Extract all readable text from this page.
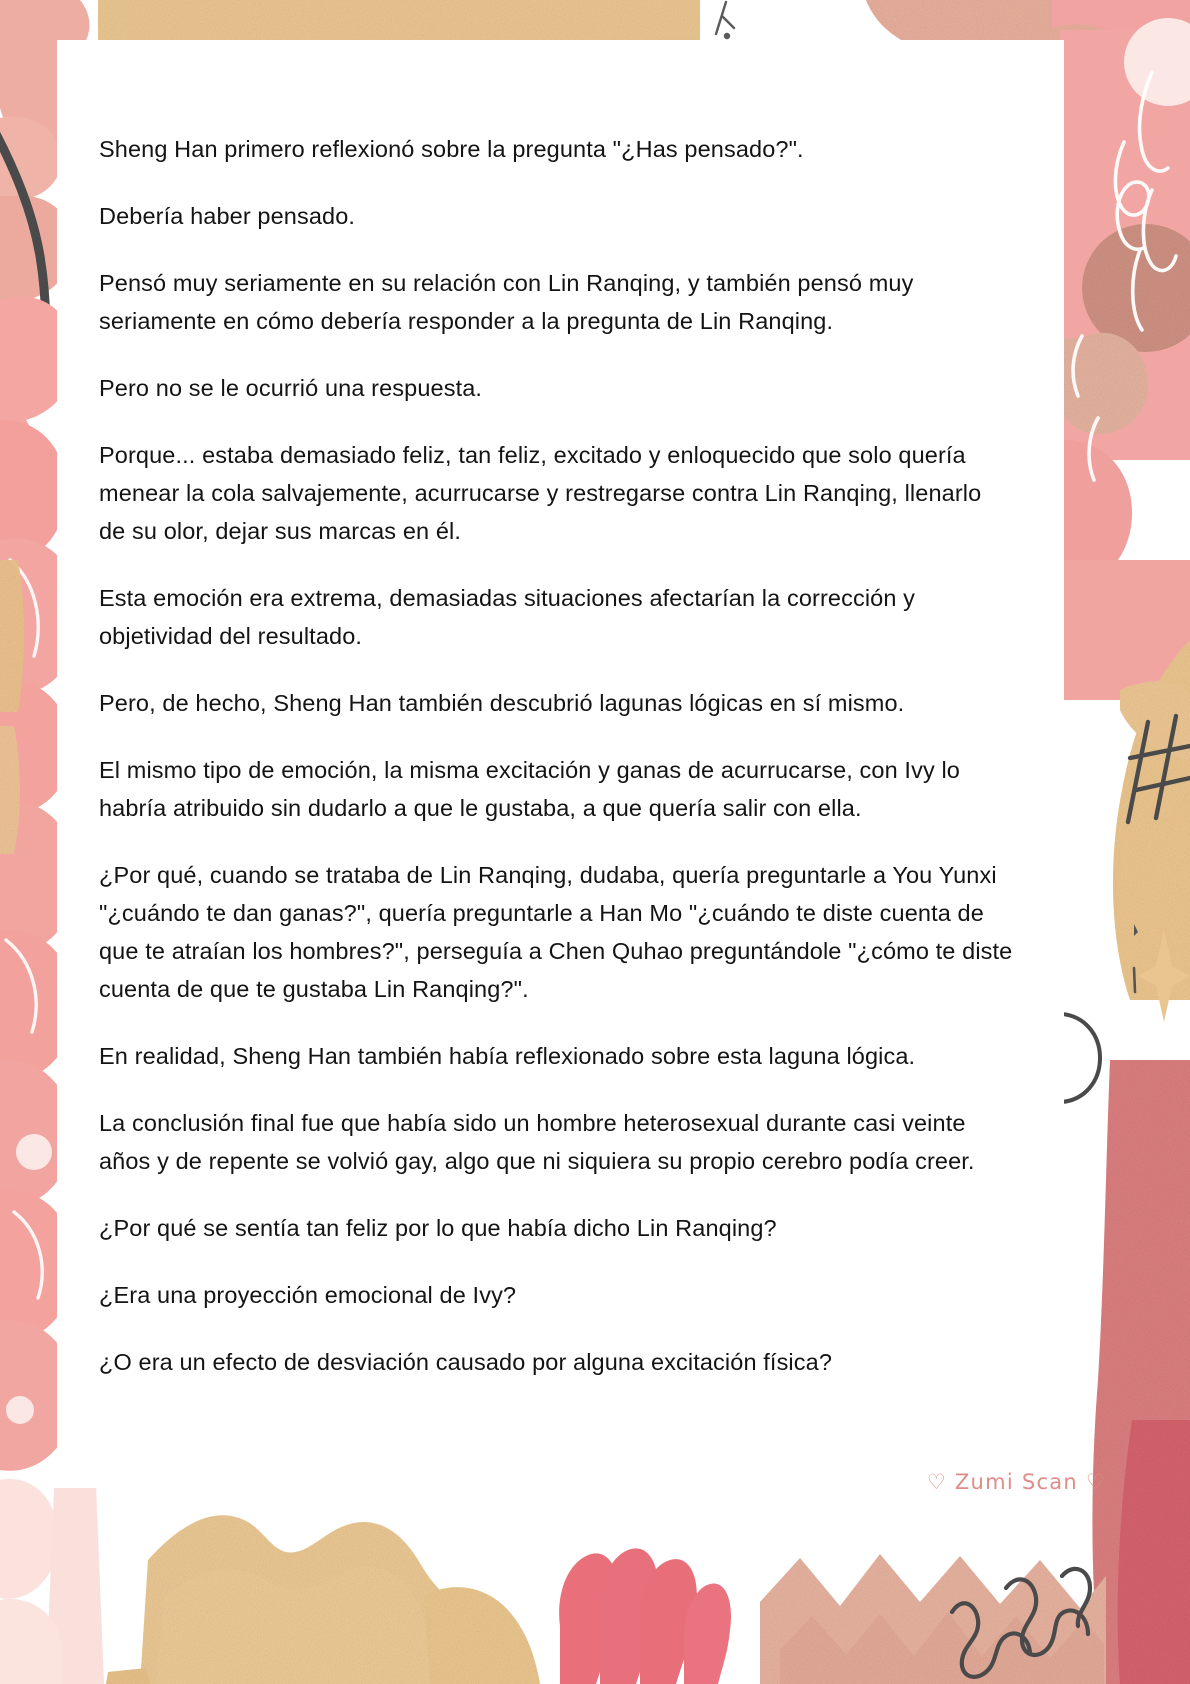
Sheng Han primero reflexionó sobre la pregunta "¿Has pensado?".

Debería haber pensado.

Pensó muy seriamente en su relación con Lin Ranqing, y también pensó muy seriamente en cómo debería responder a la pregunta de Lin Ranqing.

Pero no se le ocurrió una respuesta.

Porque... estaba demasiado feliz, tan feliz, excitado y enloquecido que solo quería menear la cola salvajemente, acurrucarse y restregarse contra Lin Ranqing, llenarlo de su olor, dejar sus marcas en él.

Esta emoción era extrema, demasiadas situaciones afectarían la corrección y objetividad del resultado.

Pero, de hecho, Sheng Han también descubrió lagunas lógicas en sí mismo.

El mismo tipo de emoción, la misma excitación y ganas de acurrucarse, con Ivy lo habría atribuido sin dudarlo a que le gustaba, a que quería salir con ella.

¿Por qué, cuando se trataba de Lin Ranqing, dudaba, quería preguntarle a You Yunxi "¿cuándo te dan ganas?", quería preguntarle a Han Mo "¿cuándo te diste cuenta de que te atraían los hombres?", perseguía a Chen Quhao preguntándole "¿cómo te diste cuenta de que te gustaba Lin Ranqing?".

En realidad, Sheng Han también había reflexionado sobre esta laguna lógica.

La conclusión final fue que había sido un hombre heterosexual durante casi veinte años y de repente se volvió gay, algo que ni siquiera su propio cerebro podía creer.

¿Por qué se sentía tan feliz por lo que había dicho Lin Ranqing?

¿Era una proyección emocional de Ivy?

¿O era un efecto de desviación causado por alguna excitación física?

♡ Zumi Scan ♡
